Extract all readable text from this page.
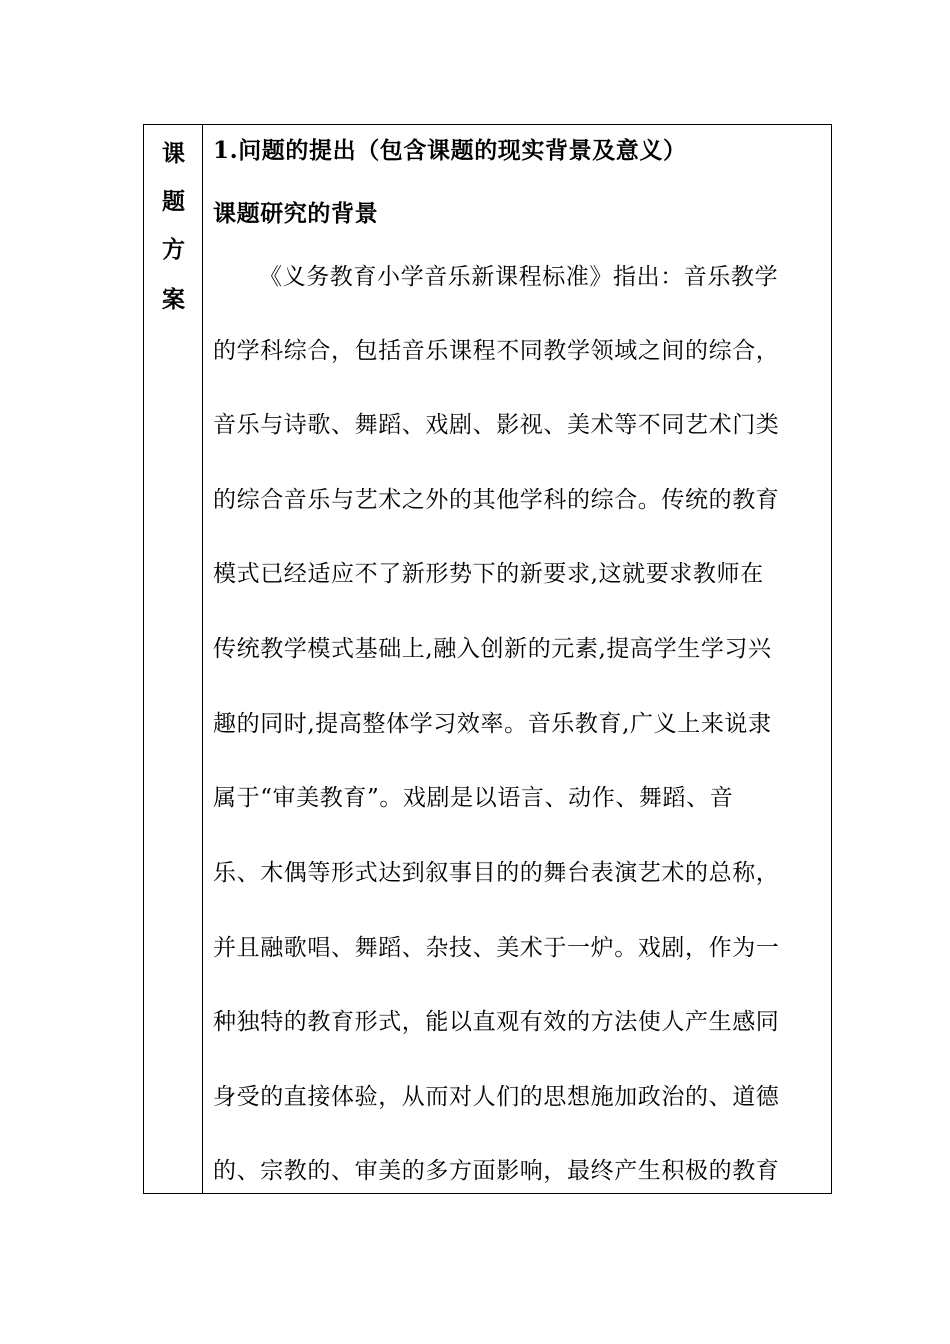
课
题
方
案
1.问题的提出（包含课题的现实背景及意义）
课题研究的背景
《义务教育小学音乐新课程标准》指出：音乐教学
的学科综合，包括音乐课程不同教学领域之间的综合，
音乐与诗歌、舞蹈、戏剧、影视、美术等不同艺术门类
的综合音乐与艺术之外的其他学科的综合。传统的教育
模式已经适应不了新形势下的新要求,这就要求教师在
传统教学模式基础上,融入创新的元素,提高学生学习兴
趣的同时,提高整体学习效率。音乐教育,广义上来说隶
属于“审美教育”。戏剧是以语言、动作、舞蹈、音
乐、木偶等形式达到叙事目的的舞台表演艺术的总称，
并且融歌唱、舞蹈、杂技、美术于一炉。戏剧，作为一
种独特的教育形式，能以直观有效的方法使人产生感同
身受的直接体验，从而对人们的思想施加政治的、道德
的、宗教的、审美的多方面影响，最终产生积极的教育
